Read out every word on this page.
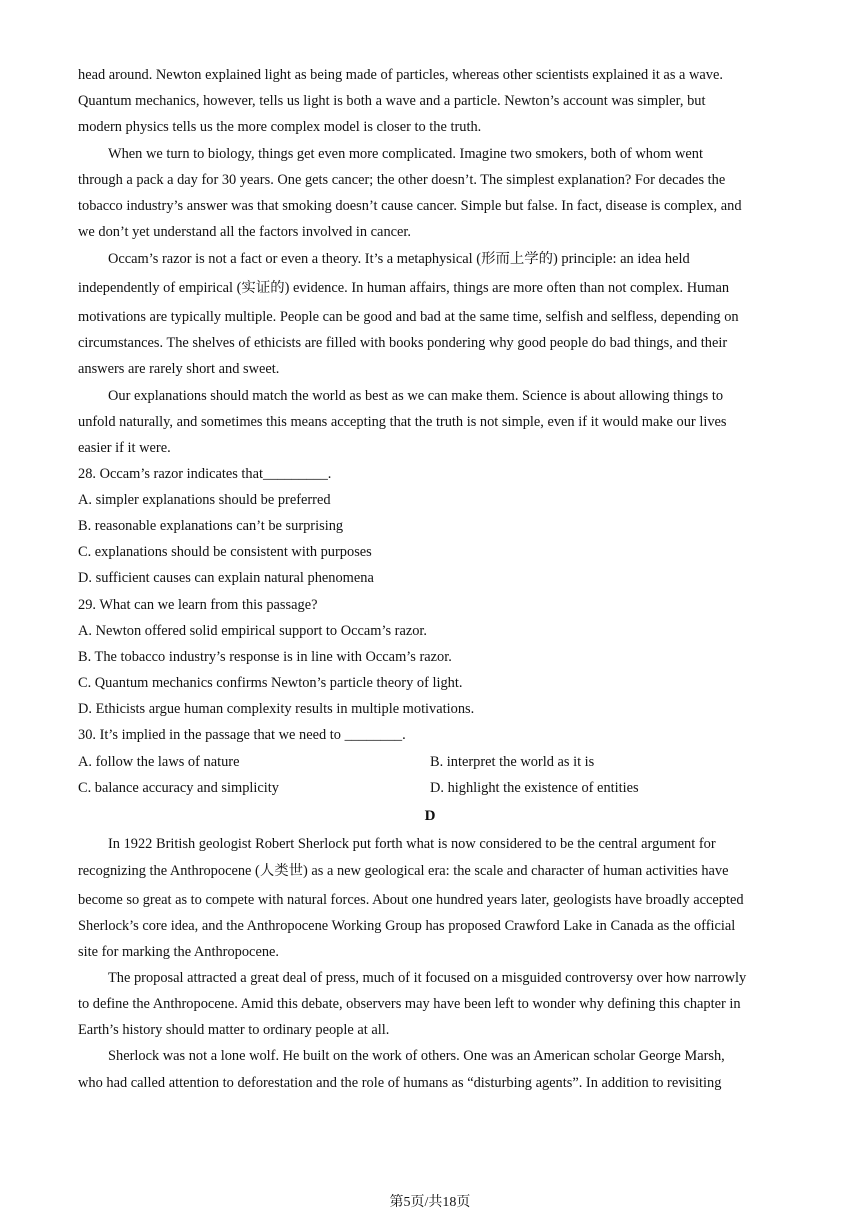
head around. Newton explained light as being made of particles, whereas other scientists explained it as a wave.
Quantum mechanics, however, tells us light is both a wave and a particle. Newton’s account was simpler, but
modern physics tells us the more complex model is closer to the truth.
When we turn to biology, things get even more complicated. Imagine two smokers, both of whom went
through a pack a day for 30 years. One gets cancer; the other doesn’t. The simplest explanation? For decades the
tobacco industry’s answer was that smoking doesn’t cause cancer. Simple but false. In fact, disease is complex, and
we don’t yet understand all the factors involved in cancer.
Occam’s razor is not a fact or even a theory. It’s a metaphysical (形而上学的) principle: an idea held
independently of empirical (实证的) evidence. In human affairs, things are more often than not complex. Human
motivations are typically multiple. People can be good and bad at the same time, selfish and selfless, depending on
circumstances. The shelves of ethicists are filled with books pondering why good people do bad things, and their
answers are rarely short and sweet.
Our explanations should match the world as best as we can make them. Science is about allowing things to
unfold naturally, and sometimes this means accepting that the truth is not simple, even if it would make our lives
easier if it were.
28. Occam’s razor indicates that_________.
A. simpler explanations should be preferred
B. reasonable explanations can’t be surprising
C. explanations should be consistent with purposes
D. sufficient causes can explain natural phenomena
29. What can we learn from this passage?
A. Newton offered solid empirical support to Occam’s razor.
B. The tobacco industry’s response is in line with Occam’s razor.
C. Quantum mechanics confirms Newton’s particle theory of light.
D. Ethicists argue human complexity results in multiple motivations.
30. It’s implied in the passage that we need to ________.
A. follow the laws of nature	B. interpret the world as it is
C. balance accuracy and simplicity	D. highlight the existence of entities
D
In 1922 British geologist Robert Sherlock put forth what is now considered to be the central argument for
recognizing the Anthropocene (人类世) as a new geological era: the scale and character of human activities have
become so great as to compete with natural forces. About one hundred years later, geologists have broadly accepted
Sherlock’s core idea, and the Anthropocene Working Group has proposed Crawford Lake in Canada as the official
site for marking the Anthropocene.
The proposal attracted a great deal of press, much of it focused on a misguided controversy over how narrowly
to define the Anthropocene. Amid this debate, observers may have been left to wonder why defining this chapter in
Earth’s history should matter to ordinary people at all.
Sherlock was not a lone wolf. He built on the work of others. One was an American scholar George Marsh,
who had called attention to deforestation and the role of humans as “disturbing agents”. In addition to revisiting
第5页/共18页
